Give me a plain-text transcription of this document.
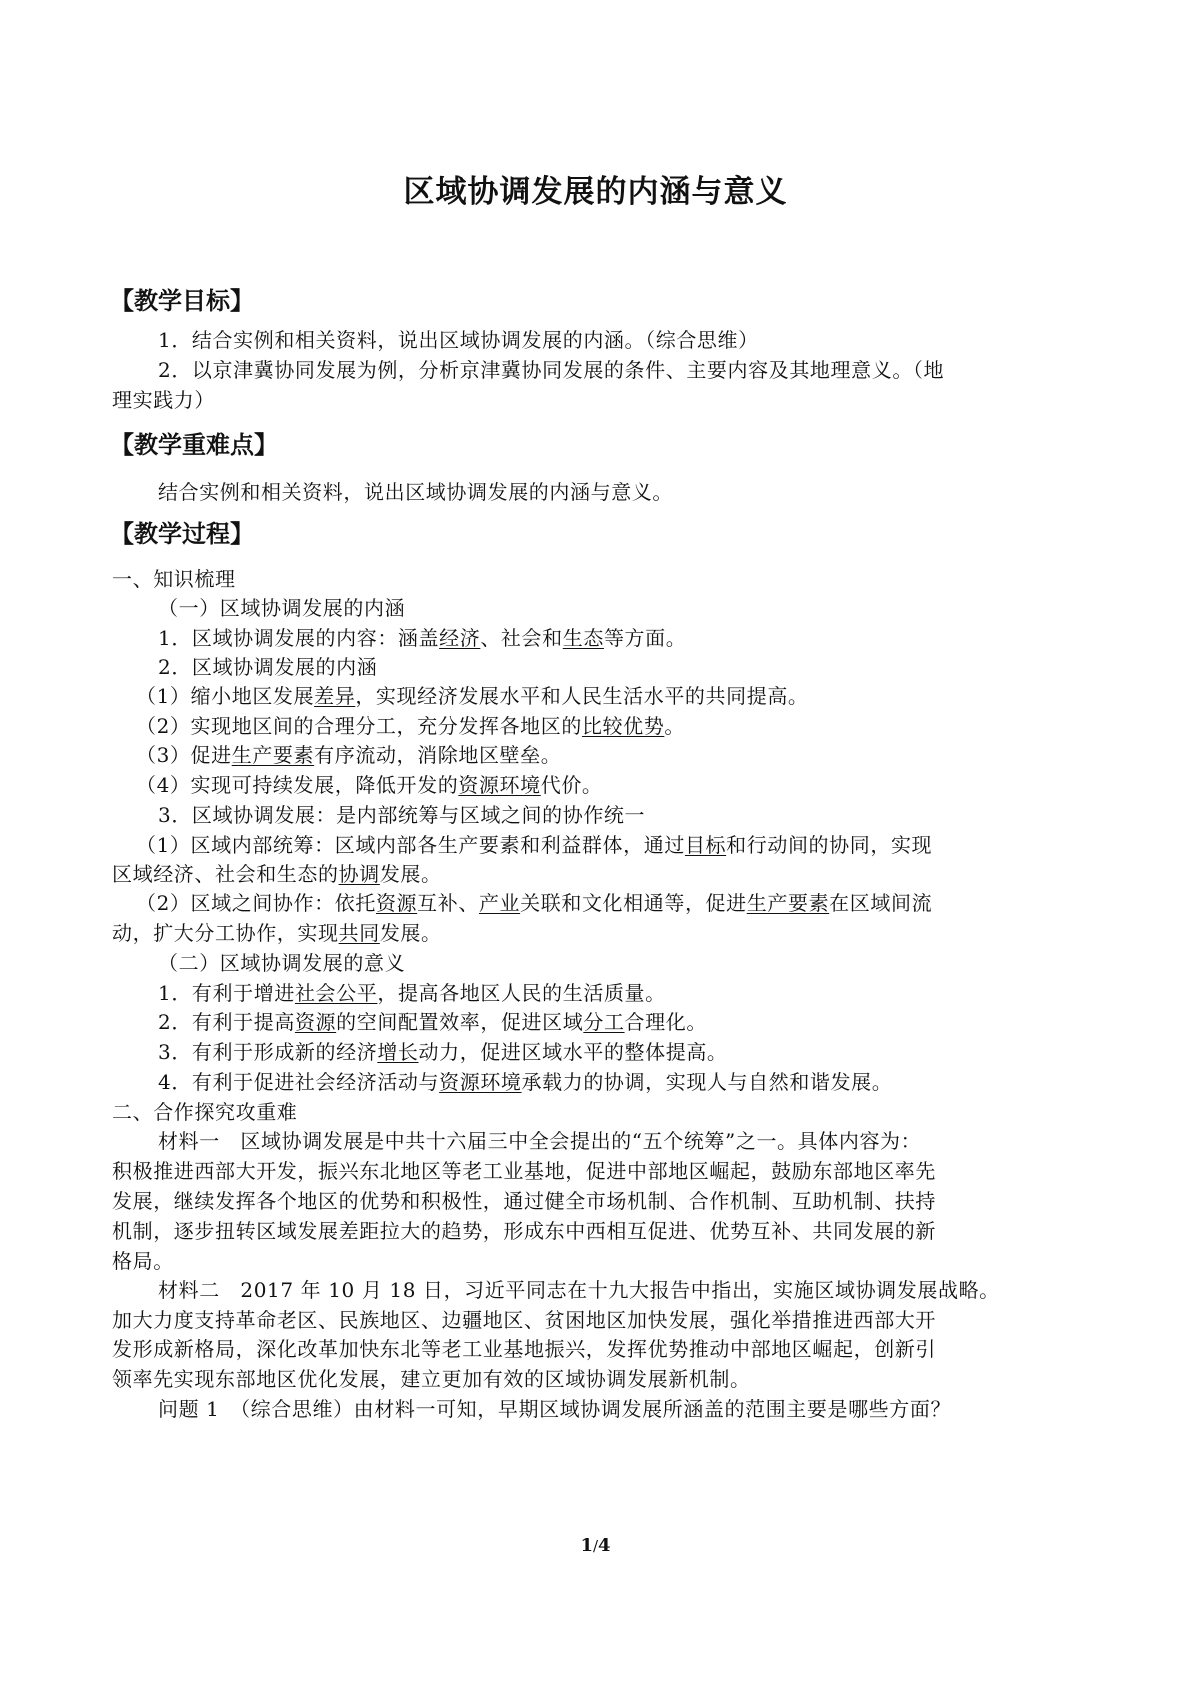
区域协调发展的内涵与意义
【教学目标】
1．结合实例和相关资料，说出区域协调发展的内涵。（综合思维）
2．以京津冀协同发展为例，分析京津冀协同发展的条件、主要内容及其地理意义。（地
理实践力）
【教学重难点】
结合实例和相关资料，说出区域协调发展的内涵与意义。
【教学过程】
一、知识梳理
（一）区域协调发展的内涵
1．区域协调发展的内容：涵盖经济、社会和生态等方面。
2．区域协调发展的内涵
（1）缩小地区发展差异，实现经济发展水平和人民生活水平的共同提高。
（2）实现地区间的合理分工，充分发挥各地区的比较优势。
（3）促进生产要素有序流动，消除地区壁垒。
（4）实现可持续发展，降低开发的资源环境代价。
3．区域协调发展：是内部统筹与区域之间的协作统一
（1）区域内部统筹：区域内部各生产要素和利益群体，通过目标和行动间的协同，实现
区域经济、社会和生态的协调发展。
（2）区域之间协作：依托资源互补、产业关联和文化相通等，促进生产要素在区域间流
动，扩大分工协作，实现共同发展。
（二）区域协调发展的意义
1．有利于增进社会公平，提高各地区人民的生活质量。
2．有利于提高资源的空间配置效率，促进区域分工合理化。
3．有利于形成新的经济增长动力，促进区域水平的整体提高。
4．有利于促进社会经济活动与资源环境承载力的协调，实现人与自然和谐发展。
二、合作探究攻重难
材料一　区域协调发展是中共十六届三中全会提出的“五个统筹”之一。具体内容为：
积极推进西部大开发，振兴东北地区等老工业基地，促进中部地区崛起，鼓励东部地区率先
发展，继续发挥各个地区的优势和积极性，通过健全市场机制、合作机制、互助机制、扶持
机制，逐步扭转区域发展差距拉大的趋势，形成东中西相互促进、优势互补、共同发展的新
格局。
材料二　2017 年 10 月 18 日，习近平同志在十九大报告中指出，实施区域协调发展战略。
加大力度支持革命老区、民族地区、边疆地区、贫困地区加快发展，强化举措推进西部大开
发形成新格局，深化改革加快东北等老工业基地振兴，发挥优势推动中部地区崛起，创新引
领率先实现东部地区优化发展，建立更加有效的区域协调发展新机制。
问题 1　（综合思维）由材料一可知，早期区域协调发展所涵盖的范围主要是哪些方面？
1/4
